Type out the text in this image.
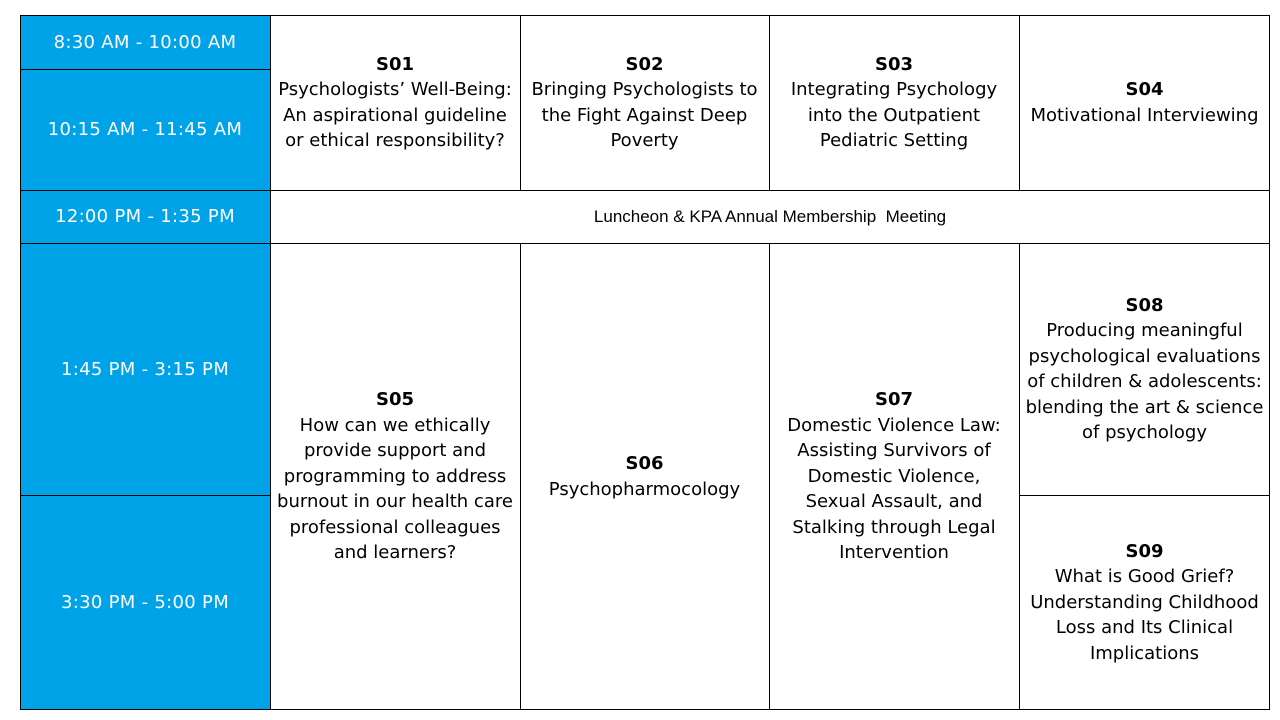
8:30 AM - 10:00 AM
10:15 AM - 11:45 AM
12:00 PM - 1:35 PM
1:45 PM - 3:15 PM
3:30 PM - 5:00 PM
S01
Psychologists’ Well-Being: An aspirational guideline or ethical responsibility?
S02
Bringing Psychologists to the Fight Against Deep Poverty
S03
Integrating Psychology into the Outpatient Pediatric Setting
S04
Motivational Interviewing
Luncheon & KPA Annual Membership  Meeting
S05
How can we ethically provide support and programming to address burnout in our health care professional colleagues and learners?
S06
Psychopharmocology
S07
Domestic Violence Law: Assisting Survivors of Domestic Violence, Sexual Assault, and Stalking through Legal Intervention
S08
Producing meaningful psychological evaluations of children & adolescents: blending the art & science of psychology
S09
What is Good Grief? Understanding Childhood Loss and Its Clinical Implications
